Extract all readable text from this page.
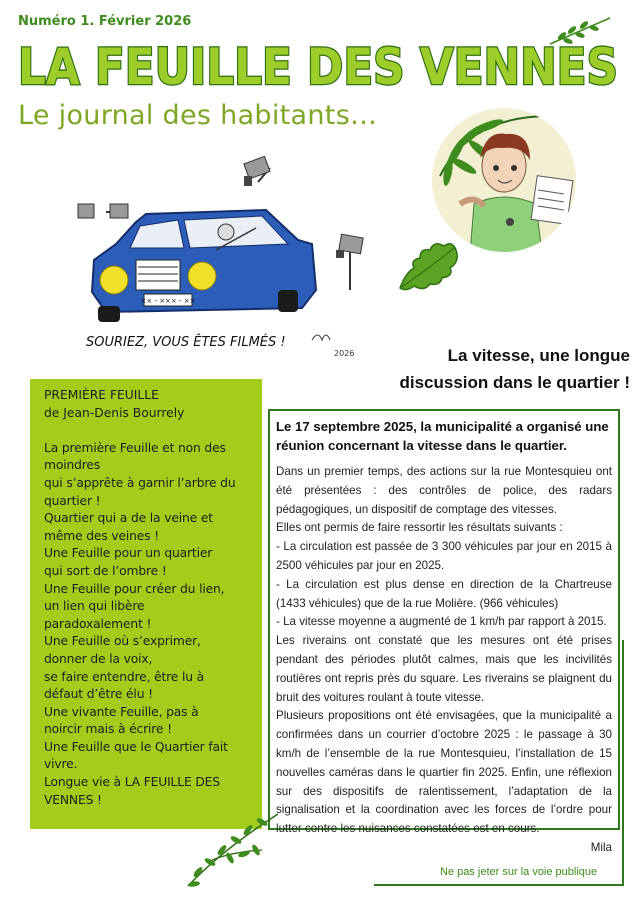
Numéro 1. Février 2026
LA FEUILLE DES VENNES
Le journal des habitants…
×× - ××× - ××
SOURIEZ, VOUS ÊTES FILMÉS !
2026	La vitesse, une longue
discussion dans le quartier !
PREMIÈRE FEUILLE
de Jean-Denis Bourrely

La première Feuille et non des
moindres
qui s’apprête à garnir l’arbre du
quartier !
Quartier qui a de la veine et
même des veines !
Une Feuille pour un quartier
qui sort de l’ombre !
Une Feuille pour créer du lien,
un lien qui libère
paradoxalement !
Une Feuille où s’exprimer,
donner de la voix,
se faire entendre, être lu à
défaut d’être élu !
Une vivante Feuille, pas à
noircir mais à écrire !
Une Feuille que le Quartier fait
vivre.
Longue vie à LA FEUILLE DES
VENNES !

Le 17 septembre 2025, la municipalité a organisé une réunion concernant la vitesse dans le quartier.

Dans un premier temps, des actions sur la rue Montesquieu ont été présentées : des contrôles de police, des radars pédagogiques, un dispositif de comptage des vitesses.

Elles ont permis de faire ressortir les résultats suivants :

- La circulation est passée de 3 300 véhicules par jour en 2015 à 2500 véhicules par jour en 2025.

- La circulation est plus dense en direction de la Chartreuse (1433 véhicules) que de la rue Molière. (966 véhicules)

- La vitesse moyenne a augmenté de 1 km/h par rapport à 2015.

Les riverains ont constaté que les mesures ont été prises pendant des périodes plutôt calmes, mais que les incivilités routières ont repris près du square. Les riverains se plaignent du bruit des voitures roulant à toute vitesse.

Plusieurs propositions ont été envisagées, que la municipalité a confirmées dans un courrier d’octobre 2025 : le passage à 30 km/h de l’ensemble de la rue Montesquieu, l’installation de 15 nouvelles caméras dans le quartier fin 2025. Enfin, une réflexion sur des dispositifs de ralentissement, l’adaptation de la signalisation et la coordination avec les forces de l’ordre pour lutter contre les nuisances constatées est en cours.

Mila
Ne pas jeter sur la voie publique
